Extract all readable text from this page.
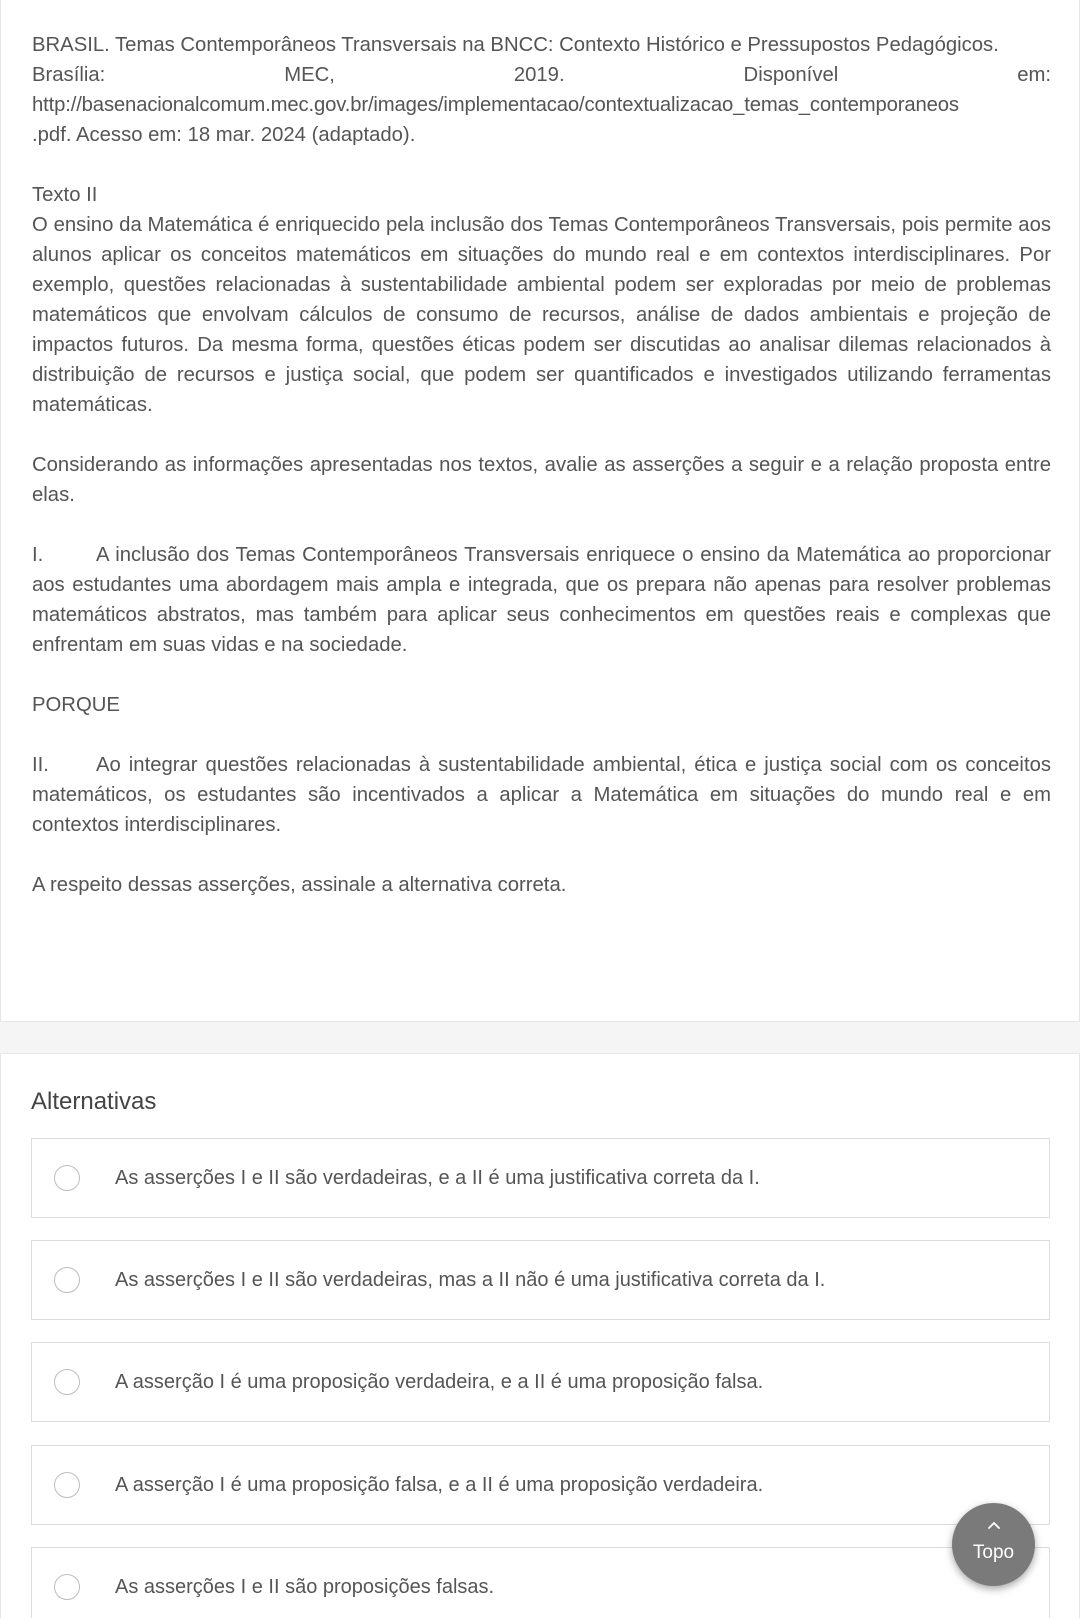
BRASIL. Temas Contemporâneos Transversais na BNCC: Contexto Histórico e Pressupostos Pedagógicos.

Brasília:	MEC,	2019.	Disponível	em:

http://basenacionalcomum.mec.gov.br/images/implementacao/contextualizacao_temas_contemporaneos

.pdf. Acesso em: 18 mar. 2024 (adaptado).

Texto II

O ensino da Matemática é enriquecido pela inclusão dos Temas Contemporâneos Transversais, pois permite aos alunos aplicar os conceitos matemáticos em situações do mundo real e em contextos interdisciplinares. Por exemplo, questões relacionadas à sustentabilidade ambiental podem ser exploradas por meio de problemas matemáticos que envolvam cálculos de consumo de recursos, análise de dados ambientais e projeção de impactos futuros. Da mesma forma, questões éticas podem ser discutidas ao analisar dilemas relacionados à distribuição de recursos e justiça social, que podem ser quantificados e investigados utilizando ferramentas matemáticas.

Considerando as informações apresentadas nos textos, avalie as asserções a seguir e a relação proposta entre elas.

I.	A inclusão dos Temas Contemporâneos Transversais enriquece o ensino da Matemática ao proporcionar aos estudantes uma abordagem mais ampla e integrada, que os prepara não apenas para resolver problemas matemáticos abstratos, mas também para aplicar seus conhecimentos em questões reais e complexas que enfrentam em suas vidas e na sociedade.

PORQUE

II. Ao integrar questões relacionadas à sustentabilidade ambiental, ética e justiça social com os conceitos matemáticos, os estudantes são incentivados a aplicar a Matemática em situações do mundo real e em contextos interdisciplinares.

A respeito dessas asserções, assinale a alternativa correta.

Alternativas
As asserções I e II são verdadeiras, e a II é uma justificativa correta da I.
As asserções I e II são verdadeiras, mas a II não é uma justificativa correta da I.
A asserção I é uma proposição verdadeira, e a II é uma proposição falsa.
A asserção I é uma proposição falsa, e a II é uma proposição verdadeira.
As asserções I e II são proposições falsas.
Topo
